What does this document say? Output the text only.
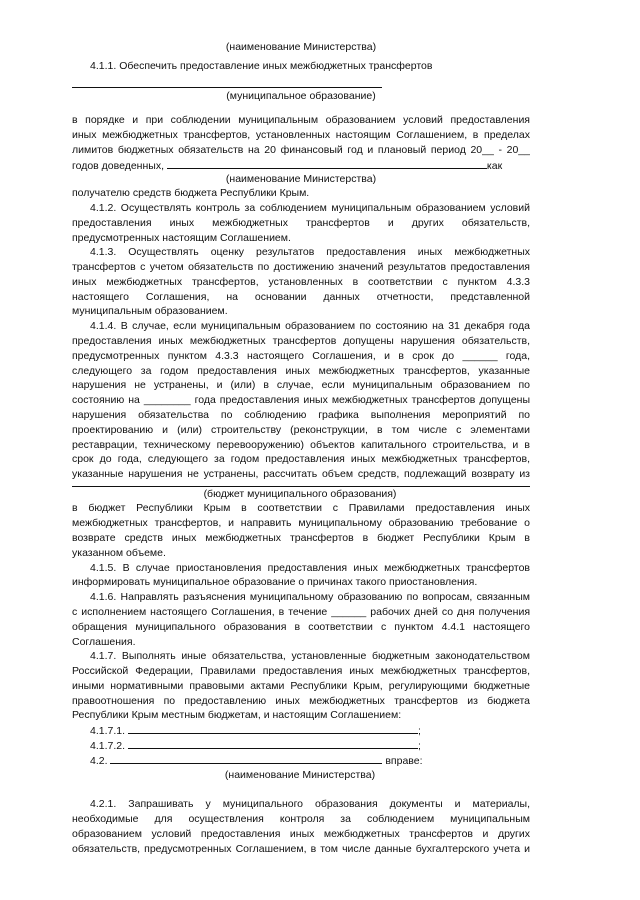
(наименование Министерства)
4.1.1. Обеспечить предоставление иных межбюджетных трансфертов
(муниципальное образование)
в порядке и при соблюдении муниципальным образованием условий предоставления
иных межбюджетных трансфертов, установленных настоящим Соглашением, в пределах
лимитов бюджетных обязательств на 20 финансовый год и плановый период 20__ - 20__
годов доведенных,	как
(наименование Министерства)
получателю средств бюджета Республики Крым.
4.1.2. Осуществлять контроль за соблюдением муниципальным образованием условий
предоставления иных межбюджетных трансфертов и других обязательств,
предусмотренных настоящим Соглашением.
4.1.3. Осуществлять оценку результатов предоставления иных межбюджетных
трансфертов с учетом обязательств по достижению значений результатов предоставления
иных межбюджетных трансфертов, установленных в соответствии с пунктом 4.3.3
настоящего Соглашения, на основании данных отчетности, представленной
муниципальным образованием.
4.1.4. В случае, если муниципальным образованием по состоянию на 31 декабря года
предоставления иных межбюджетных трансфертов допущены нарушения обязательств,
предусмотренных пунктом 4.3.3 настоящего Соглашения, и в срок до ______ года,
следующего за годом предоставления иных межбюджетных трансфертов, указанные
нарушения не устранены, и (или) в случае, если муниципальным образованием по
состоянию на ________ года предоставления иных межбюджетных трансфертов допущены
нарушения обязательства по соблюдению графика выполнения мероприятий по
проектированию и (или) строительству (реконструкции, в том числе с элементами
реставрации, техническому перевооружению) объектов капитального строительства, и в
срок до года, следующего за годом предоставления иных межбюджетных трансфертов,
указанные нарушения не устранены, рассчитать объем средств, подлежащий возврату из
(бюджет муниципального образования)
в бюджет Республики Крым в соответствии с Правилами предоставления иных
межбюджетных трансфертов, и направить муниципальному образованию требование о
возврате средств иных межбюджетных трансфертов в бюджет Республики Крым в
указанном объеме.
4.1.5. В случае приостановления предоставления иных межбюджетных трансфертов
информировать муниципальное образование о причинах такого приостановления.
4.1.6. Направлять разъяснения муниципальному образованию по вопросам, связанным
с исполнением настоящего Соглашения, в течение ______ рабочих дней со дня получения
обращения муниципального образования в соответствии с пунктом 4.4.1 настоящего
Соглашения.
4.1.7. Выполнять иные обязательства, установленные бюджетным законодательством
Российской Федерации, Правилами предоставления иных межбюджетных трансфертов,
иными нормативными правовыми актами Республики Крым, регулирующими бюджетные
правоотношения по предоставлению иных межбюджетных трансфертов из бюджета
Республики Крым местным бюджетам, и настоящим Соглашением:
4.1.7.1.	;
4.1.7.2.	;
4.2.	вправе:
(наименование Министерства)
4.2.1. Запрашивать у муниципального образования документы и материалы,
необходимые для осуществления контроля за соблюдением муниципальным
образованием условий предоставления иных межбюджетных трансфертов и других
обязательств, предусмотренных Соглашением, в том числе данные бухгалтерского учета и
